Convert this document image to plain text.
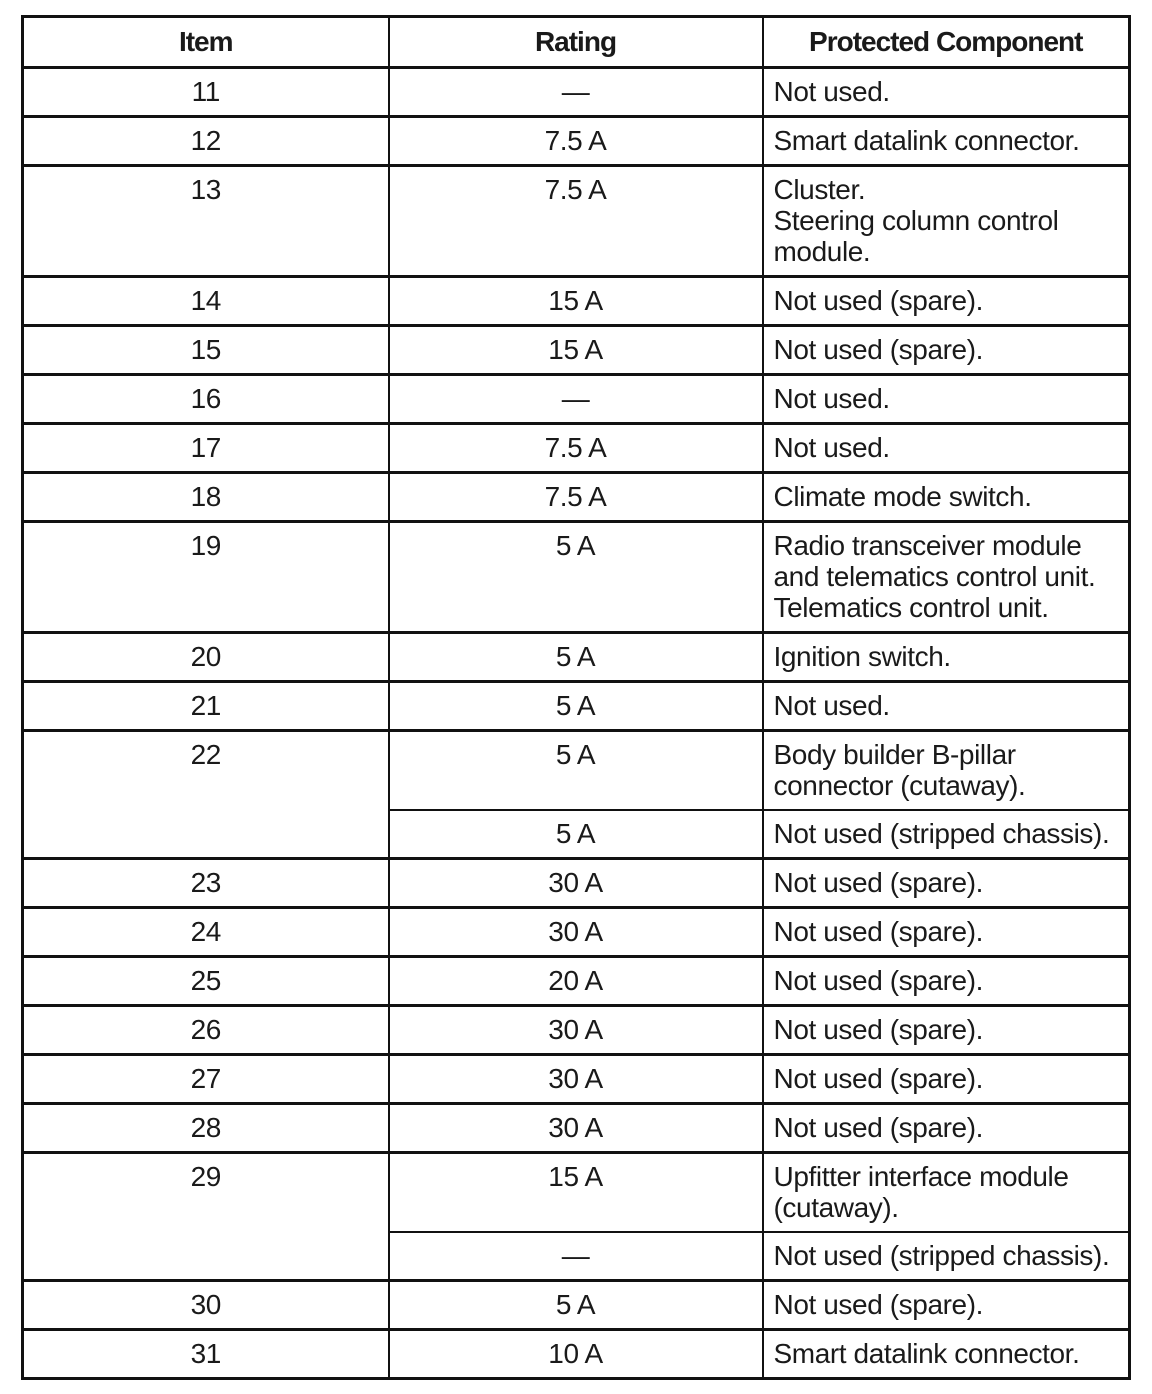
Item	Rating	Protected Component
11	—	Not used.

12	7.5 A	Smart datalink connector.

13	7.5 A	Cluster.
Steering column control
module.

14	15 A	Not used (spare).

15	15 A	Not used (spare).

16	—	Not used.

17	7.5 A	Not used.

18	7.5 A	Climate mode switch.

19	5 A	Radio transceiver module
and telematics control unit.
Telematics control unit.

20	5 A	Ignition switch.

21	5 A	Not used.

22	5 A	Body builder B-pillar
connector (cutaway).

	5 A	Not used (stripped chassis).

23	30 A	Not used (spare).

24	30 A	Not used (spare).

25	20 A	Not used (spare).

26	30 A	Not used (spare).

27	30 A	Not used (spare).

28	30 A	Not used (spare).

29	15 A	Upfitter interface module
(cutaway).

	—	Not used (stripped chassis).

30	5 A	Not used (spare).

31	10 A	Smart datalink connector.
